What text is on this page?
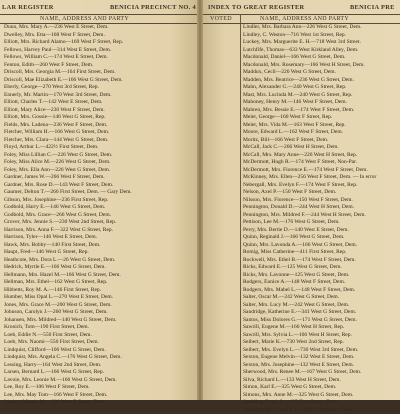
LAR REGISTER	BENICIA PRECINCT NO. 4
NAME, ADDRESS AND PARTY
Dunn, Mrs. Mary A.—236 West E Street, Dem.
Dwelley, Mrs. Etta—168 West F Street, Dem.
Elliott, Mrs. Richard Alamo—169 West F Street, Rep.
Fellows, Harvey Paul—314 West E Street, Dem.
Fellows, William C.—174 West E Street, Dem.
Fenton, Edith—260 West F Street, Dem.
Driscoll, Mrs. Georgia M.—164 First Street, Dem.
Driscoll, Mae Elizabeth E.—166 West G Street, Dem.
Eberly, George—270 West 3rd Street, Rep.
Ennerly, Mr. Martin—170 West 3rd Street, Dem.
Elliott, Charles T.—142 West E Street, Dem.
Elliott, Mary Alice—230 West F Street, Dem.
Elliott, Mrs. Gossie—146 West G Street, Rep.
Fields, Mrs. Ladena—236 West F Street, Dem.
Fletcher, William H.—166 West G Street, Dem.
Fletcher, Mrs. Clara—144 West G Street, Dem.
Floyd, Arthur L.—422½ First Street, Dem.
Foley, Miss Lillian C.—226 West G Street, Dem.
Foley, Miss Alice M.—226 West G Street, Dem.
Foley, Mrs. Ella Ann—226 West G Street, Dem.
Gardner, James W.—266 West F Street, Dem.
Gardner, Mrs. Rose D.—143 West F Street, Dem.
Gaumer, Delton T.—266 First Street, Dem. — Gary Dem.
Gibson, Mrs. Josephine—236 First Street, Rep.
Godbold, Harry E.—146 West G Street, Dem.
Godbold, Mrs. Grace—266 West G Street, Dem.
Grover, Mrs. Jennie S.—230 West 2nd Street, Rep.
Harrison, Mrs. Anna F.—322 West G Street, Rep.
Harrison, Tyler—146 West E Street, Dem.
Hawk, Mrs. Bobby—140 First Street, Dem.
Haupt, Fred—146 West G Street, Rep.
Heathcote, Mrs. Dora L.—26 West G Street, Dem.
Hedrick, Myrtle E.—166 West G Street, Dem.
Hellmann, Mrs. Hazel M.—166 West G Street, Dem.
Hellman, Mrs. Ethel—162 West G Street, Rep.
Hibbetts, Roy M. A.—146 First Street, Rep.
Humber, Miss Opal L.—270 West E Street, Dem.
Jones, Mrs. Grace M.—200 West G Street, Dem.
Johnson, Carolyn J.—260 West G Street, Dem.
Johansen, Mrs. Mildred—140 West G Street, Dem.
Kronich, Tom—190 First Street, Dem.
Loeb, Eddie N.—550 First Street, Dem.
Loeb, Mrs. Naomi—550 First Street, Dem.
Lindquist, Clifford—106 West G Street, Dem.
Lindquist, Mrs. Angela C.—176 West G Street, Dem.
Lessing, Harry—164 West 2nd Street, Dem.
Larsen, Bernard L.—166 West G Street, Rep.
Lavoie, Mrs. Leonie M.—166 West G Street, Dem.
Lee, Roy E.—106 West F Street, Dem.
Lee, Mrs. May Tom—166 West F Street, Dem.
Linden, Minnie M.—326 West E Street, Dem.
INDEX TO GREAT REGISTER	BENICIA PRE
VOTED	NAME, ADDRESS AND PARTY
Lindler, Mrs. Barbara Ann—226 West G Street, Dem.
Lindley, C. Weston—716 West 1st Street, Rep.
Luckey, Mrs. Marguerite E. H.—718 West 3rd Street.
Lutchfife, Thomas—633 West Kirkland Alley, Dem.
Macdonald, Daniel—166 West G Street, Dem.
Macdonald, Mrs. Rosemary—166 West H Street, Dem.
Maddux, Cecil—226 West G Street, Dem.
Madden, Mrs. Beatrice—236 West G Street, Dem.
Mahn, Alexander G.—240 West G Street, Rep.
Mast, Mrs. Lucinda M.—240 West G Street, Rep.
Mahoney, Henry M.—146 West F Street, Dem.
Mahren, Mrs. Bessie E.—174 West F Street, Dem.
Meier, George—160 West F Street, Rep.
Meier, Mrs. Vida M.—163 West F Street, Rep.
Moore, Edward L.—162 West F Street, Dem.
Moritz, Bill—166 West F Street, Dem.
McCall, Jack C.—266 West H Street, Dem.
McCall, Mrs. Mary Anne—226 West H Street, Rep.
McDermott, Hugh R.—174 West F Street, Non-Par.
McDermott, Mrs. Florence E.—174 West F Street, Dem.
McKinney, Mrs. Ellen—256 West F Street, Dem. — In error
Nebergall, Mrs. Evelyn F.—174 West F Street, Rep.
Nelson, Axel P.—150 West F Street, Dem.
Nilsson, Mrs. Florence—150 West F Street, Dem.
Pennington, Donald D.—244 West H Street, Dem.
Pennington, Mrs. Mildred F.—244 West H Street, Dem.
Pettison, Lee M.—176 West G Street, Dem.
Perry, Mrs. Bertie D.—140 West E Street, Dem.
Quinn, Reginald J.—166 West G Street, Dem.
Quinn, Mrs. Lavonda A.—166 West G Street, Dem.
Romig, Miss Catherine—411 First Street, Rep.
Rockwell, Mrs. Ethel B.—174 West F Street, Dem.
Ricks, Edward E.—125 West G Street, Dem.
Ricks, Mrs. Lavonne—125 West G Street, Dem.
Rodgers, Eunice A.—148 West F Street, Dem.
Rodgers, Mrs. Mabel L.—148 West F Street, Dem.
Salter, Oscar M.—242 West G Street, Dem.
Salter, Mrs. Lucy M.—242 West G Street, Dem.
Sandridge, Katherine E.—341 West G Street, Dem.
Santos, Miss Dolores G.—171 West G Street, Dem.
Sawrill, Eugene M.—166 West H Street, Rep.
Sawrill, Mrs. Sylvia L.—166 West H Street, Rep.
Seibert, Marie K.—730 West 2nd Street, Rep.
Seibert, Mrs. Evelyn L.—730 West 3rd Street, Dem.
Sexton, Eugene Melvin—132 West E Street, Dem.
Sexton, Mrs. Josephine—132 West E Street, Dem.
Sherwood, Mrs. Renee M.—167 West G Street, Dem.
Silva, Richard L.—133 West H Street, Dem.
Simon, Karl E.—325 West G Street, Dem.
Simons, Mrs. Anne M.—325 West G Street, Dem.
Spalding, Frank S.—425 First Street, Dem.
Spalding, Mrs. Lucille A.—425 First Street, Dem.
